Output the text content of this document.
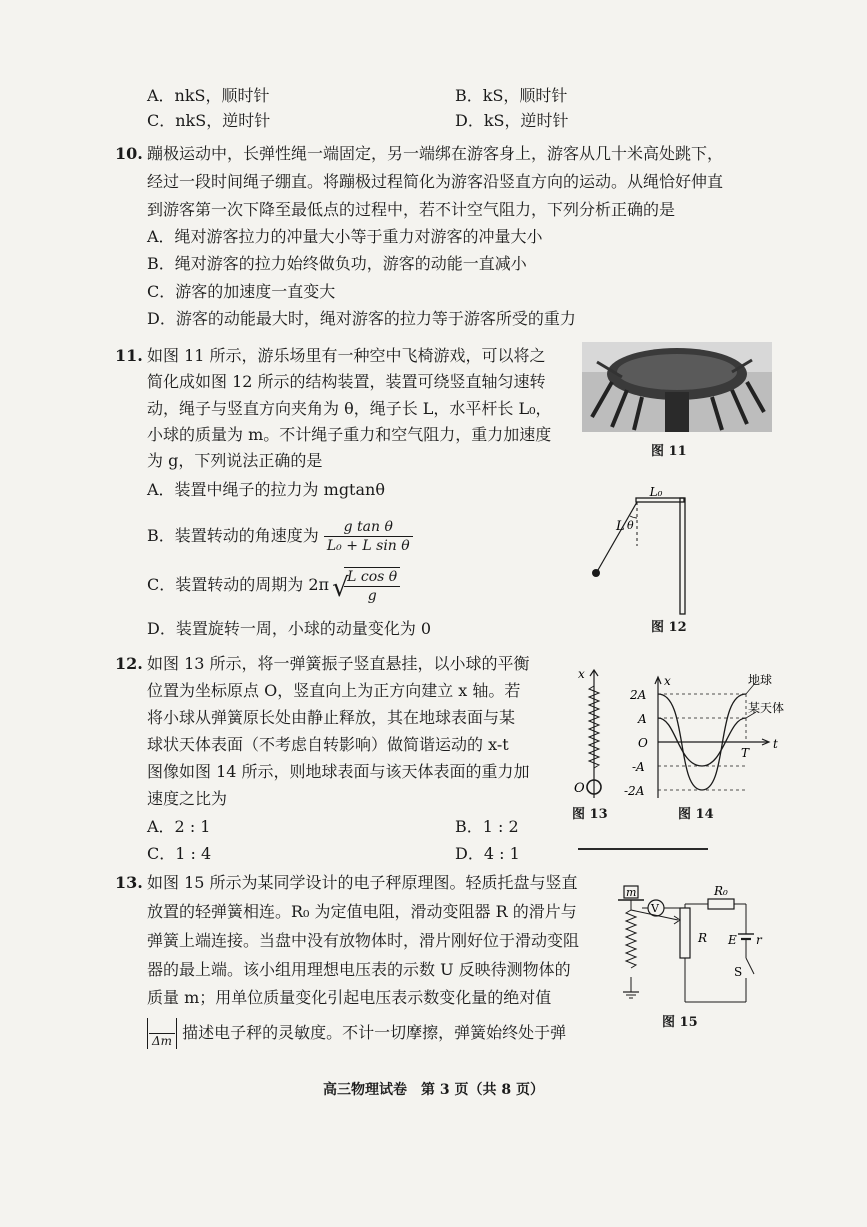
A．nkS，顺时针	B．kS，顺时针
C．nkS，逆时针	D．kS，逆时针
10. 蹦极运动中，长弹性绳一端固定，另一端绑在游客身上，游客从几十米高处跳下，
经过一段时间绳子绷直。将蹦极过程简化为游客沿竖直方向的运动。从绳恰好伸直
到游客第一次下降至最低点的过程中，若不计空气阻力，下列分析正确的是
A．绳对游客拉力的冲量大小等于重力对游客的冲量大小
B．绳对游客的拉力始终做负功，游客的动能一直减小
C．游客的加速度一直变大
D．游客的动能最大时，绳对游客的拉力等于游客所受的重力
11. 如图 11 所示，游乐场里有一种空中飞椅游戏，可以将之
简化成如图 12 所示的结构装置，装置可绕竖直轴匀速转
动，绳子与竖直方向夹角为 θ，绳子长 L，水平杆长 L₀，
小球的质量为 m。不计绳子重力和空气阻力，重力加速度
为 g，下列说法正确的是
A．装置中绳子的拉力为 mgtanθ
B．装置转动的角速度为 $\frac{\text{g tan θ}}{\text{L₀ + L sin θ}}$
C．装置转动的周期为 2π
√ $\frac{\text{L cos θ}}{g}$
D．装置旋转一周，小球的动量变化为 0
图 11
L₀
L θ
图 12
12. 如图 13 所示，将一弹簧振子竖直悬挂，以小球的平衡
位置为坐标原点 O，竖直向上为正方向建立 x 轴。若
将小球从弹簧原长处由静止释放，其在地球表面与某
球状天体表面（不考虑自转影响）做简谐运动的 x-t
图像如图 14 所示，则地球表面与该天体表面的重力加
速度之比为
A．2 : 1	B．1 : 2
C．1 : 4	D．4 : 1
x
O
图 13
2A
A
O
-A
-2A
x
t
T
地球
某天体
图 14
13. 如图 15 所示为某同学设计的电子秤原理图。轻质托盘与竖直
放置的轻弹簧相连。R₀ 为定值电阻，滑动变阻器 R 的滑片与
弹簧上端连接。当盘中没有放物体时，滑片刚好位于滑动变阻
器的最上端。该小组用理想电压表的示数 U 反映待测物体的
质量 m；用单位质量变化引起电压表示数变化量的绝对值

Δm 描述电子秤的灵敏度。不计一切摩擦，弹簧始终处于弹
m
R
V
R₀
E r
S
图 15
高三物理试卷　第 3 页（共 8 页）
